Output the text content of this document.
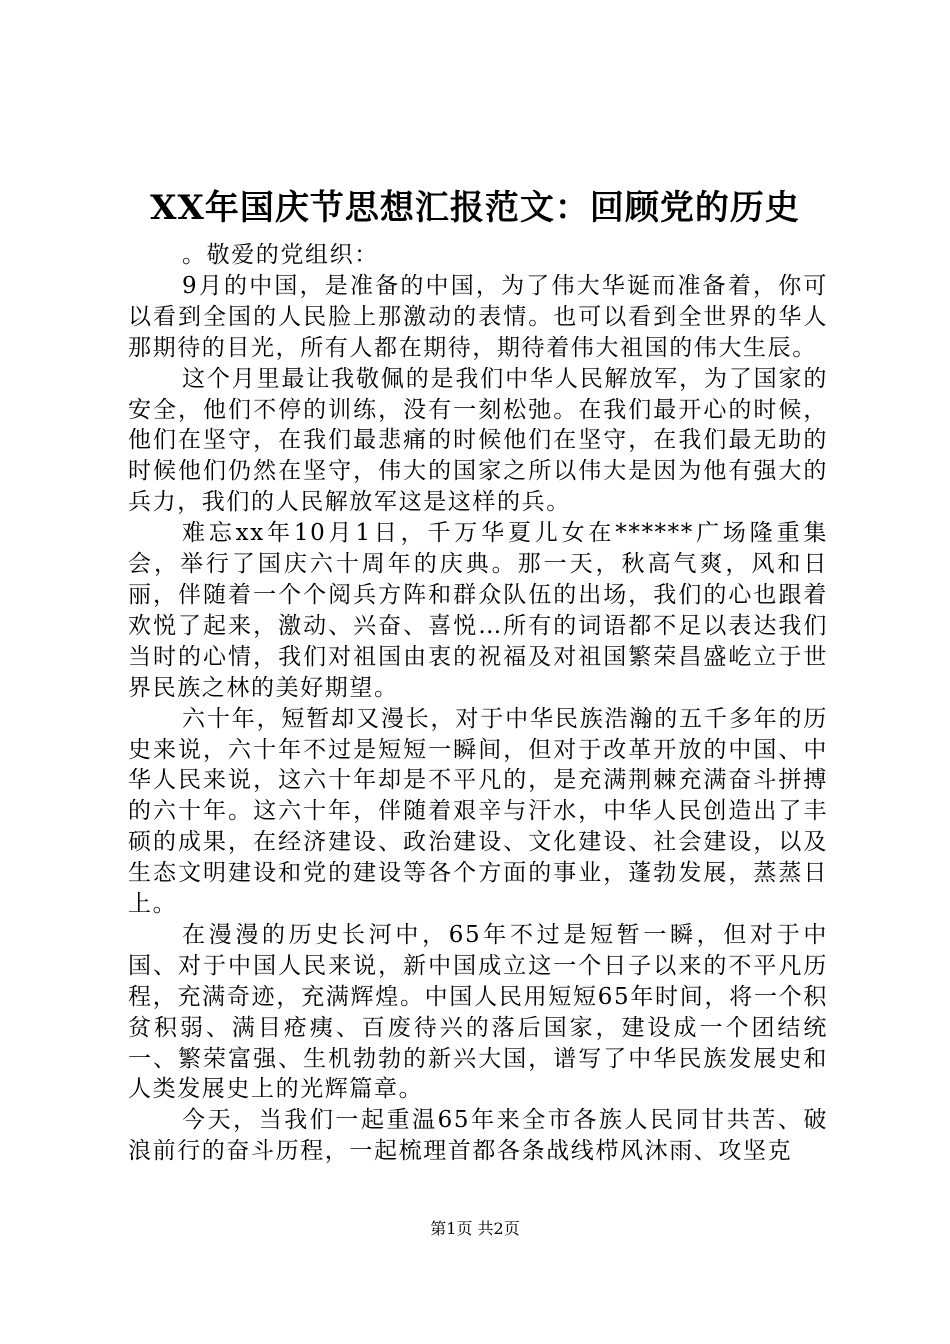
XX年国庆节思想汇报范文：回顾党的历史

。敬爱的党组织：

9月的中国，是准备的中国，为了伟大华诞而准备着，你可以看到全国的人民脸上那激动的表情。也可以看到全世界的华人那期待的目光，所有人都在期待，期待着伟大祖国的伟大生辰。

这个月里最让我敬佩的是我们中华人民解放军，为了国家的安全，他们不停的训练，没有一刻松弛。在我们最开心的时候，他们在坚守，在我们最悲痛的时候他们在坚守，在我们最无助的时候他们仍然在坚守，伟大的国家之所以伟大是因为他有强大的兵力，我们的人民解放军这是这样的兵。

难忘xx年10月1日，千万华夏儿女在******广场隆重集会，举行了国庆六十周年的庆典。那一天，秋高气爽，风和日丽，伴随着一个个阅兵方阵和群众队伍的出场，我们的心也跟着欢悦了起来，激动、兴奋、喜悦…所有的词语都不足以表达我们当时的心情，我们对祖国由衷的祝福及对祖国繁荣昌盛屹立于世界民族之林的美好期望。

六十年，短暂却又漫长，对于中华民族浩瀚的五千多年的历史来说，六十年不过是短短一瞬间，但对于改革开放的中国、中华人民来说，这六十年却是不平凡的，是充满荆棘充满奋斗拼搏的六十年。这六十年，伴随着艰辛与汗水，中华人民创造出了丰硕的成果，在经济建设、政治建设、文化建设、社会建设，以及生态文明建设和党的建设等各个方面的事业，蓬勃发展，蒸蒸日上。

在漫漫的历史长河中，65年不过是短暂一瞬，但对于中国、对于中国人民来说，新中国成立这一个日子以来的不平凡历程，充满奇迹，充满辉煌。中国人民用短短65年时间，将一个积贫积弱、满目疮痍、百废待兴的落后国家，建设成一个团结统一、繁荣富强、生机勃勃的新兴大国，谱写了中华民族发展史和人类发展史上的光辉篇章。

今天，当我们一起重温65年来全市各族人民同甘共苦、破浪前行的奋斗历程，一起梳理首都各条战线栉风沐雨、攻坚克

第1页 共2页
